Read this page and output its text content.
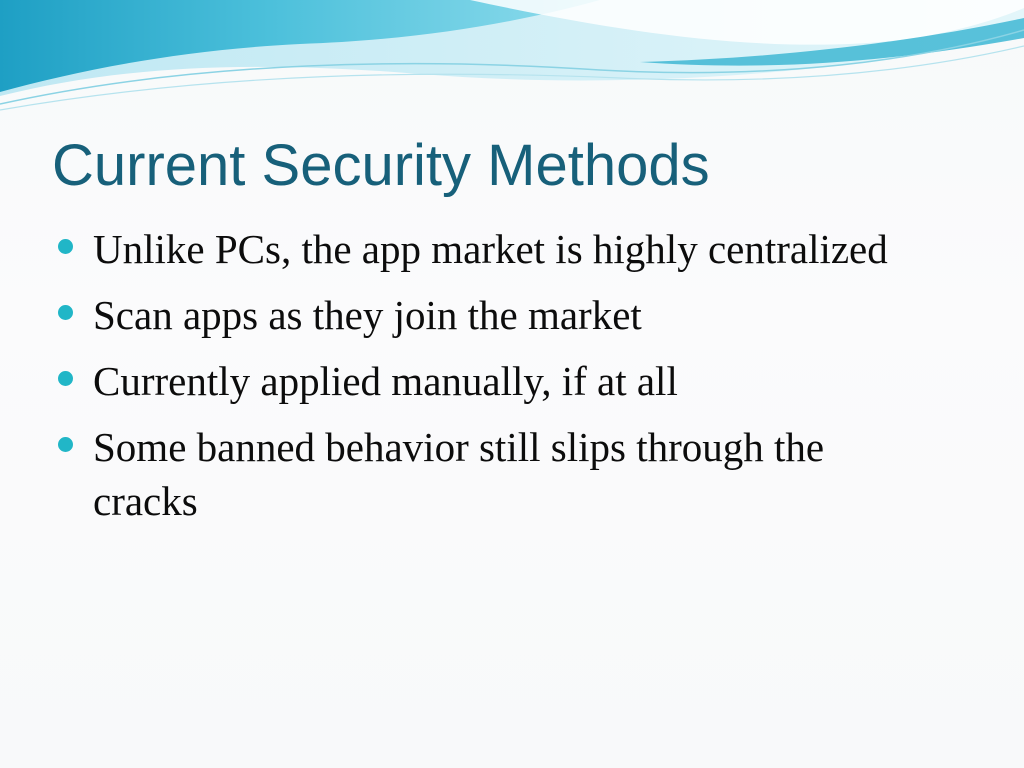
Current Security Methods
Unlike PCs, the app market is highly centralized
Scan apps as they join the market
Currently applied manually, if at all
Some banned behavior still slips through the cracks
